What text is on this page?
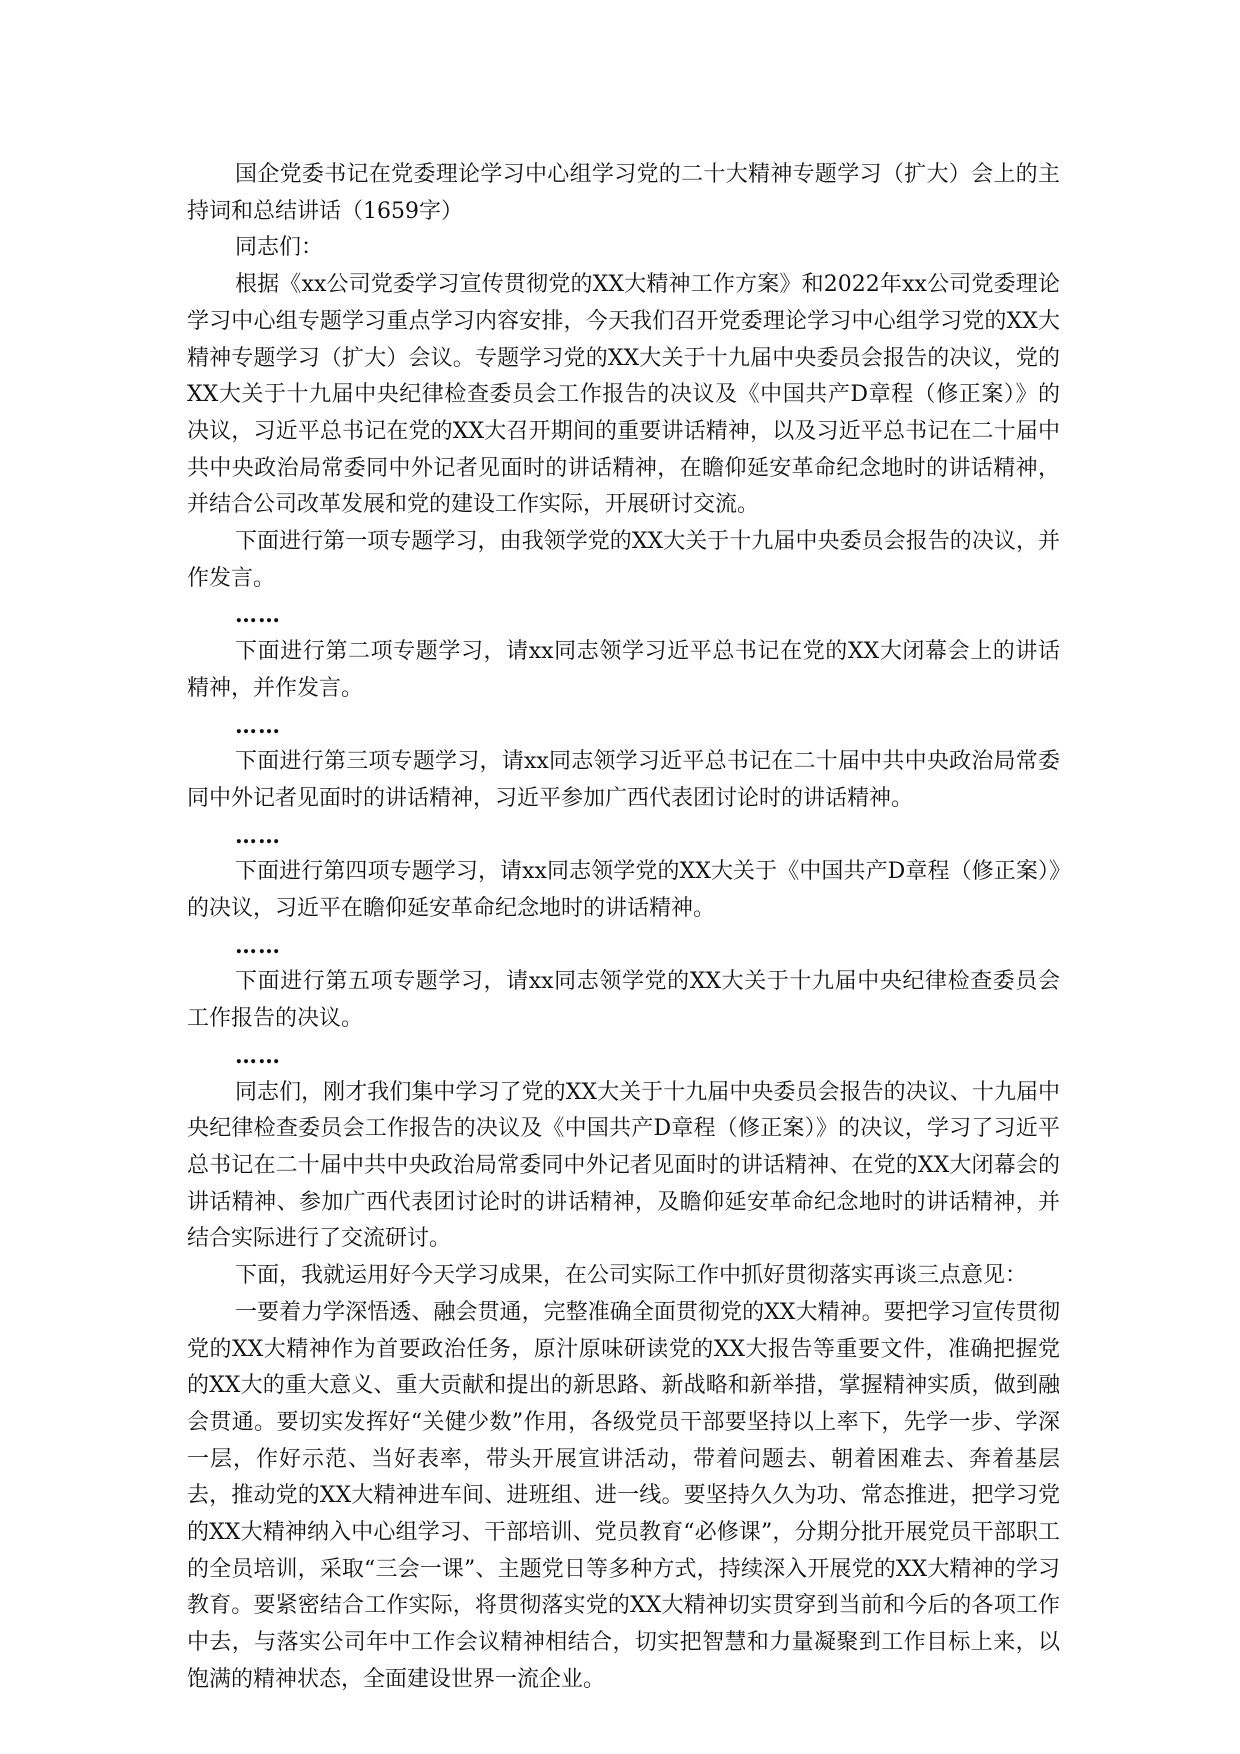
国企党委书记在党委理论学习中心组学习党的二十大精神专题学习（扩大）会上的主持词和总结讲话（1659字）

同志们：

根据《xx公司党委学习宣传贯彻党的XX大精神工作方案》和2022年xx公司党委理论学习中心组专题学习重点学习内容安排，今天我们召开党委理论学习中心组学习党的XX大精神专题学习（扩大）会议。专题学习党的XX大关于十九届中央委员会报告的决议，党的XX大关于十九届中央纪律检查委员会工作报告的决议及《中国共产D章程（修正案）》的决议，习近平总书记在党的XX大召开期间的重要讲话精神，以及习近平总书记在二十届中共中央政治局常委同中外记者见面时的讲话精神，在瞻仰延安革命纪念地时的讲话精神，并结合公司改革发展和党的建设工作实际，开展研讨交流。

下面进行第一项专题学习，由我领学党的XX大关于十九届中央委员会报告的决议，并作发言。

……

下面进行第二项专题学习，请xx同志领学习近平总书记在党的XX大闭幕会上的讲话精神，并作发言。

……

下面进行第三项专题学习，请xx同志领学习近平总书记在二十届中共中央政治局常委同中外记者见面时的讲话精神，习近平参加广西代表团讨论时的讲话精神。

……

下面进行第四项专题学习，请xx同志领学党的XX大关于《中国共产D章程（修正案）》的决议，习近平在瞻仰延安革命纪念地时的讲话精神。

……

下面进行第五项专题学习，请xx同志领学党的XX大关于十九届中央纪律检查委员会工作报告的决议。

……

同志们，刚才我们集中学习了党的XX大关于十九届中央委员会报告的决议、十九届中央纪律检查委员会工作报告的决议及《中国共产D章程（修正案）》的决议，学习了习近平总书记在二十届中共中央政治局常委同中外记者见面时的讲话精神、在党的XX大闭幕会的讲话精神、参加广西代表团讨论时的讲话精神，及瞻仰延安革命纪念地时的讲话精神，并结合实际进行了交流研讨。

下面，我就运用好今天学习成果，在公司实际工作中抓好贯彻落实再谈三点意见：

一要着力学深悟透、融会贯通，完整准确全面贯彻党的XX大精神。要把学习宣传贯彻党的XX大精神作为首要政治任务，原汁原味研读党的XX大报告等重要文件，准确把握党的XX大的重大意义、重大贡献和提出的新思路、新战略和新举措，掌握精神实质，做到融会贯通。要切实发挥好“关健少数”作用，各级党员干部要坚持以上率下，先学一步、学深一层，作好示范、当好表率，带头开展宣讲活动，带着问题去、朝着困难去、奔着基层去，推动党的XX大精神进车间、进班组、进一线。要坚持久久为功、常态推进，把学习党的XX大精神纳入中心组学习、干部培训、党员教育“必修课”，分期分批开展党员干部职工的全员培训，采取“三会一课”、主题党日等多种方式，持续深入开展党的XX大精神的学习教育。要紧密结合工作实际，将贯彻落实党的XX大精神切实贯穿到当前和今后的各项工作中去，与落实公司年中工作会议精神相结合，切实把智慧和力量凝聚到工作目标上来，以饱满的精神状态，全面建设世界一流企业。
